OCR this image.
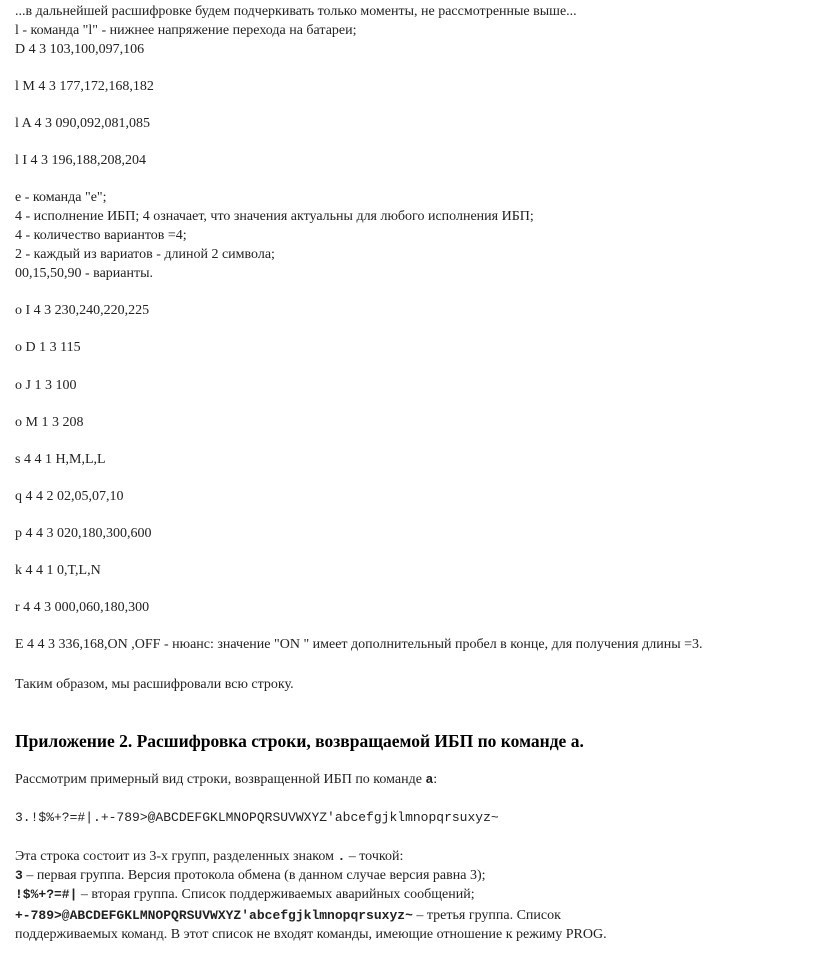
...в дальнейшей расшифровке будем подчеркивать только моменты, не рассмотренные выше...
l - команда "l" - нижнее напряжение перехода на батареи;
D 4 3 103,100,097,106
l M 4 3 177,172,168,182
l A 4 3 090,092,081,085
l I 4 3 196,188,208,204
e - команда "e";
4 - исполнение ИБП; 4 означает, что значения актуальны для любого исполнения ИБП;
4 - количество вариантов =4;
2 - каждый из вариатов - длиной 2 символа;
00,15,50,90 - варианты.
o I 4 3 230,240,220,225
o D 1 3 115
o J 1 3 100
o M 1 3 208
s 4 4 1 H,M,L,L
q 4 4 2 02,05,07,10
p 4 4 3 020,180,300,600
k 4 4 1 0,T,L,N
r 4 4 3 000,060,180,300
E 4 4 3 336,168,ON ,OFF - нюанс: значение "ON " имеет дополнительный пробел в конце, для получения длины =3.
Таким образом, мы расшифровали всю строку.
Приложение 2. Расшифровка строки, возвращаемой ИБП по команде a.
Рассмотрим примерный вид строки, возвращенной ИБП по команде a:
3.!$%+?=#|.+-789>@ABCDEFGKLMNOPQRSUVWXYZ'abcefgjklmnopqrsuxyz~
Эта строка состоит из 3-х групп, разделенных знаком . – точкой:
3 – первая группа. Версия протокола обмена (в данном случае версия равна 3);
!$%+?=#| – вторая группа. Список поддерживаемых аварийных сообщений;
+-789>@ABCDEFGKLMNOPQRSUVWXYZ'abcefgjklmnopqrsuxyz~ – третья группа. Список
поддерживаемых команд. В этот список не входят команды, имеющие отношение к режиму PROG.
